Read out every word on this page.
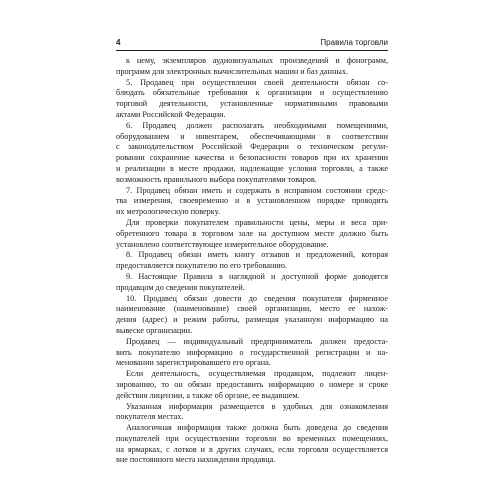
4	Правила торговли
к нему, экземпляров аудиовизуальных произведений и фонограмм,
программ для электронных вычислительных машин и баз данных.
5. Продавец при осуществлении своей деятельности обязан со-
блюдать обязательные требования к организации и осуществлению
торговой деятельности, установленные нормативными правовыми
актами Российской Федерации.
6. Продавец должен располагать необходимыми помещениями,
оборудованием и инвентарем, обеспечивающими в соответствии
с законодательством Российской Федерации о техническом регули-
ровании сохранение качества и безопасности товаров при их хранении
и реализации в месте продажи, надлежащие условия торговли, а также
возможность правильного выбора покупателями товаров.
7. Продавец обязан иметь и содержать в исправном состоянии средс-
тва измерения, своевременно и в установленном порядке проводить
их метрологическую поверку.
Для проверки покупателем правильности цены, меры и веса при-
обретенного товара в торговом зале на доступном месте должно быть
установлено соответствующее измерительное оборудование.
8. Продавец обязан иметь книгу отзывов и предложений, которая
предоставляется покупателю по его требованию.
9. Настоящие Правила в наглядной и доступной форме доводятся
продавцом до сведения покупателей.
10. Продавец обязан довести до сведения покупателя фирменное
наименование (наименование) своей организации, место ее нахож-
дения (адрес) и режим работы, размещая указанную информацию на
вывеске организации.
Продавец — индивидуальный предприниматель должен предоста-
вить покупателю информацию о государственной регистрации и на-
меновании зарегистрировавшего его органа.
Если деятельность, осуществляемая продавцом, подлежит лицен-
зированию, то он обязан предоставить информацию о номере и сроке
действия лицензии, а также об органе, ее выдавшем.
Указанная информация размещается в удобных для ознакомления
покупателя местах.
Аналогичная информация также должна быть доведена до сведения
покупателей при осуществлении торговли во временных помещениях,
на ярмарках, с лотков и в других случаях, если торговля осуществляется
вне постоянного места нахождения продавца.
